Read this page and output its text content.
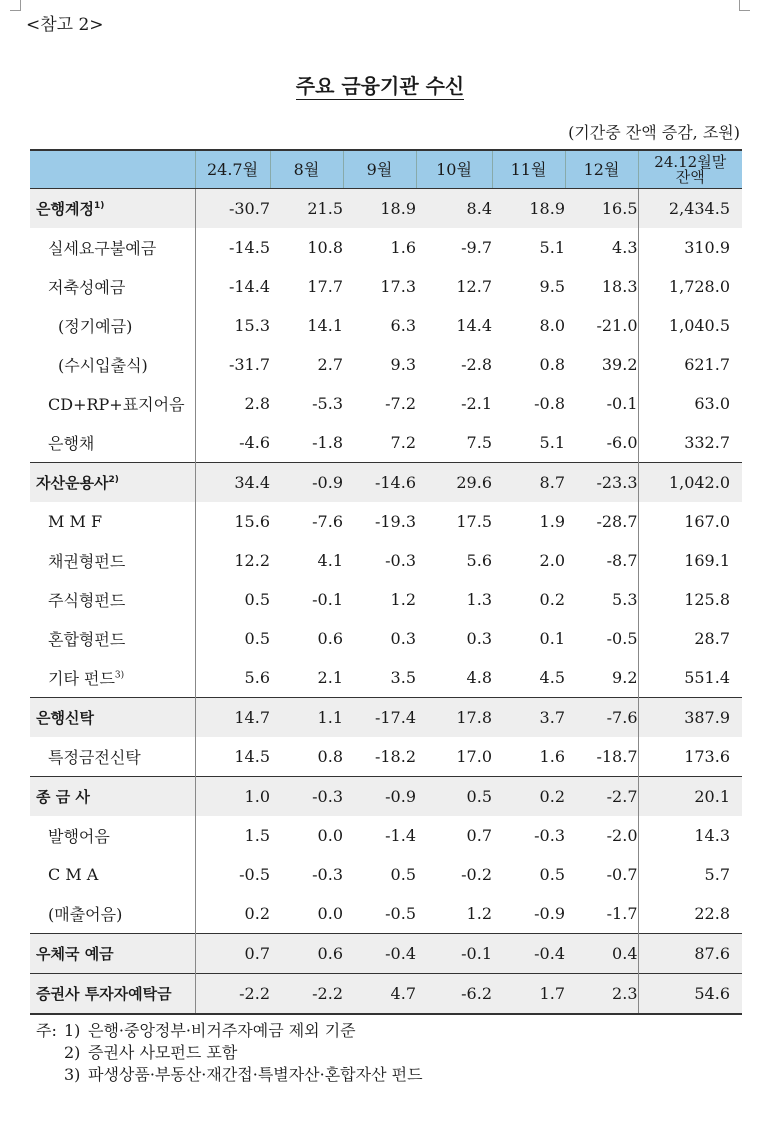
<참고 2>
주요 금융기관 수신
(기간중 잔액 증감, 조원)
	24.7월	8월	9월	10월	11월	12월	24.12월말
잔액
은행계정$^{1)}$	-30.7	21.5	18.9	8.4	18.9	16.5	2,434.5
실세요구불예금	-14.5	10.8	1.6	-9.7	5.1	4.3	310.9
저축성예금	-14.4	17.7	17.3	12.7	9.5	18.3	1,728.0
(정기예금)	15.3	14.1	6.3	14.4	8.0	-21.0	1,040.5
(수시입출식)	-31.7	2.7	9.3	-2.8	0.8	39.2	621.7
CD+RP+표지어음	2.8	-5.3	-7.2	-2.1	-0.8	-0.1	63.0
은행채	-4.6	-1.8	7.2	7.5	5.1	-6.0	332.7
자산운용사$^{2)}$	34.4	-0.9	-14.6	29.6	8.7	-23.3	1,042.0
M M F	15.6	-7.6	-19.3	17.5	1.9	-28.7	167.0
채권형펀드	12.2	4.1	-0.3	5.6	2.0	-8.7	169.1
주식형펀드	0.5	-0.1	1.2	1.3	0.2	5.3	125.8
혼합형펀드	0.5	0.6	0.3	0.3	0.1	-0.5	28.7
기타 펀드$^{3)}$	5.6	2.1	3.5	4.8	4.5	9.2	551.4
은행신탁	14.7	1.1	-17.4	17.8	3.7	-7.6	387.9
특정금전신탁	14.5	0.8	-18.2	17.0	1.6	-18.7	173.6
종 금 사	1.0	-0.3	-0.9	0.5	0.2	-2.7	20.1
발행어음	1.5	0.0	-1.4	0.7	-0.3	-2.0	14.3
C M A	-0.5	-0.3	0.5	-0.2	0.5	-0.7	5.7
(매출어음)	0.2	0.0	-0.5	1.2	-0.9	-1.7	22.8
우체국 예금	0.7	0.6	-0.4	-0.1	-0.4	0.4	87.6
증권사 투자자예탁금	-2.2	-2.2	4.7	-6.2	1.7	2.3	54.6
주: 1) 은행·중앙정부·비거주자예금 제외 기준
2) 증권사 사모펀드 포함
3) 파생상품·부동산·재간접·특별자산·혼합자산 펀드
